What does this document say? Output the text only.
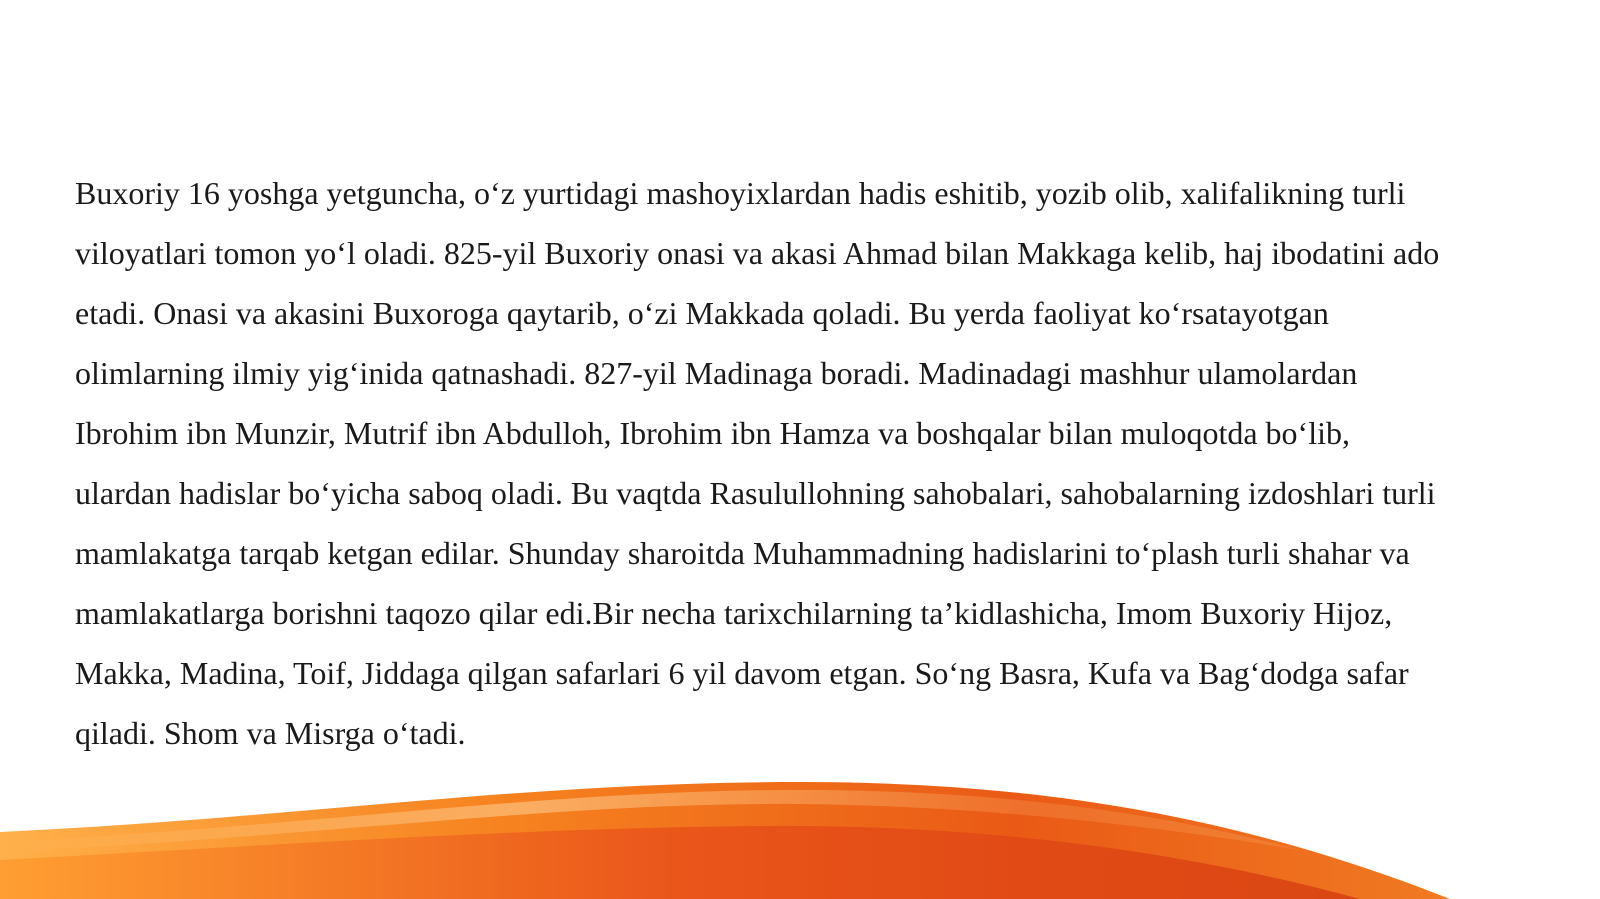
Buxoriy 16 yoshga yetguncha, o‘z yurtidagi mashoyixlardan hadis eshitib, yozib olib, xalifalikning turli
viloyatlari tomon yo‘l oladi. 825-yil Buxoriy onasi va akasi Ahmad bilan Makkaga kelib, haj ibodatini ado
etadi. Onasi va akasini Buxoroga qaytarib, o‘zi Makkada qoladi. Bu yerda faoliyat ko‘rsatayotgan
olimlarning ilmiy yig‘inida qatnashadi. 827-yil Madinaga boradi. Madinadagi mashhur ulamolardan
Ibrohim ibn Munzir, Mutrif ibn Abdulloh, Ibrohim ibn Hamza va boshqalar bilan muloqotda bo‘lib,
ulardan hadislar bo‘yicha saboq oladi. Bu vaqtda Rasulullohning sahobalari, sahobalarning izdoshlari turli
mamlakatga tarqab ketgan edilar. Shunday sharoitda Muhammadning hadislarini to‘plash turli shahar va
mamlakatlarga borishni taqozo qilar edi.Bir necha tarixchilarning ta’kidlashicha, Imom Buxoriy Hijoz,
Makka, Madina, Toif, Jiddaga qilgan safarlari 6 yil davom etgan. So‘ng Basra, Kufa va Bag‘dodga safar
qiladi. Shom va Misrga o‘tadi.
